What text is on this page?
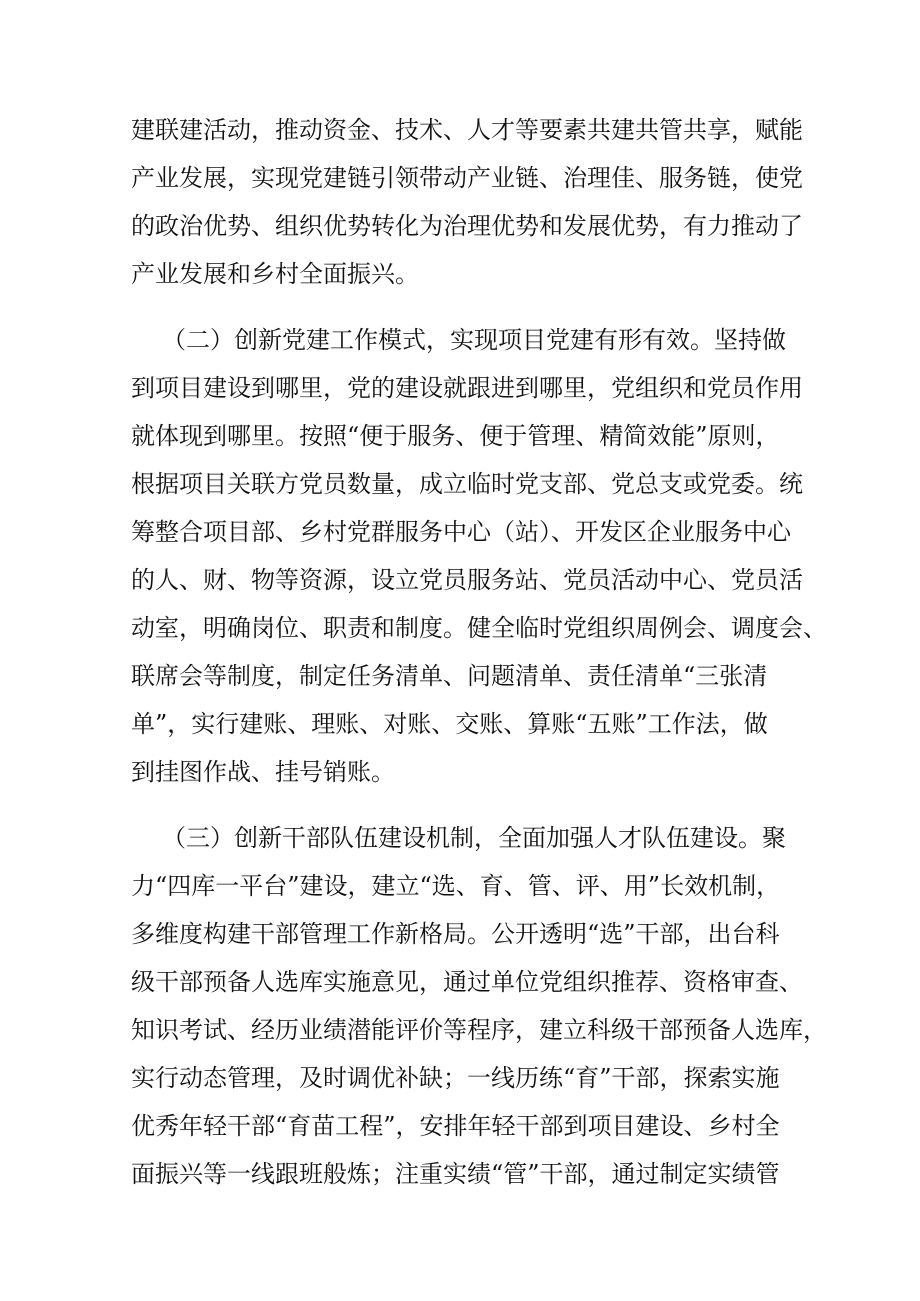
建联建活动，推动资金、技术、人才等要素共建共管共享，赋能
产业发展，实现党建链引领带动产业链、治理佳、服务链，使党
的政治优势、组织优势转化为治理优势和发展优势，有力推动了
产业发展和乡村全面振兴。
（二）创新党建工作模式，实现项目党建有形有效。坚持做
到项目建设到哪里，党的建设就跟进到哪里，党组织和党员作用
就体现到哪里。按照“便于服务、便于管理、精简效能”原则，
根据项目关联方党员数量，成立临时党支部、党总支或党委。统
筹整合项目部、乡村党群服务中心（站）、开发区企业服务中心
的人、财、物等资源，设立党员服务站、党员活动中心、党员活
动室，明确岗位、职责和制度。健全临时党组织周例会、调度会、
联席会等制度，制定任务清单、问题清单、责任清单“三张清
单”，实行建账、理账、对账、交账、算账“五账”工作法，做
到挂图作战、挂号销账。
（三）创新干部队伍建设机制，全面加强人才队伍建设。聚
力“四库一平台”建设，建立“选、育、管、评、用”长效机制，
多维度构建干部管理工作新格局。公开透明“选”干部，出台科
级干部预备人选库实施意见，通过单位党组织推荐、资格审查、
知识考试、经历业绩潜能评价等程序，建立科级干部预备人选库，
实行动态管理，及时调优补缺；一线历练“育”干部，探索实施
优秀年轻干部“育苗工程”，安排年轻干部到项目建设、乡村全
面振兴等一线跟班般炼；注重实绩“管”干部，通过制定实绩管
